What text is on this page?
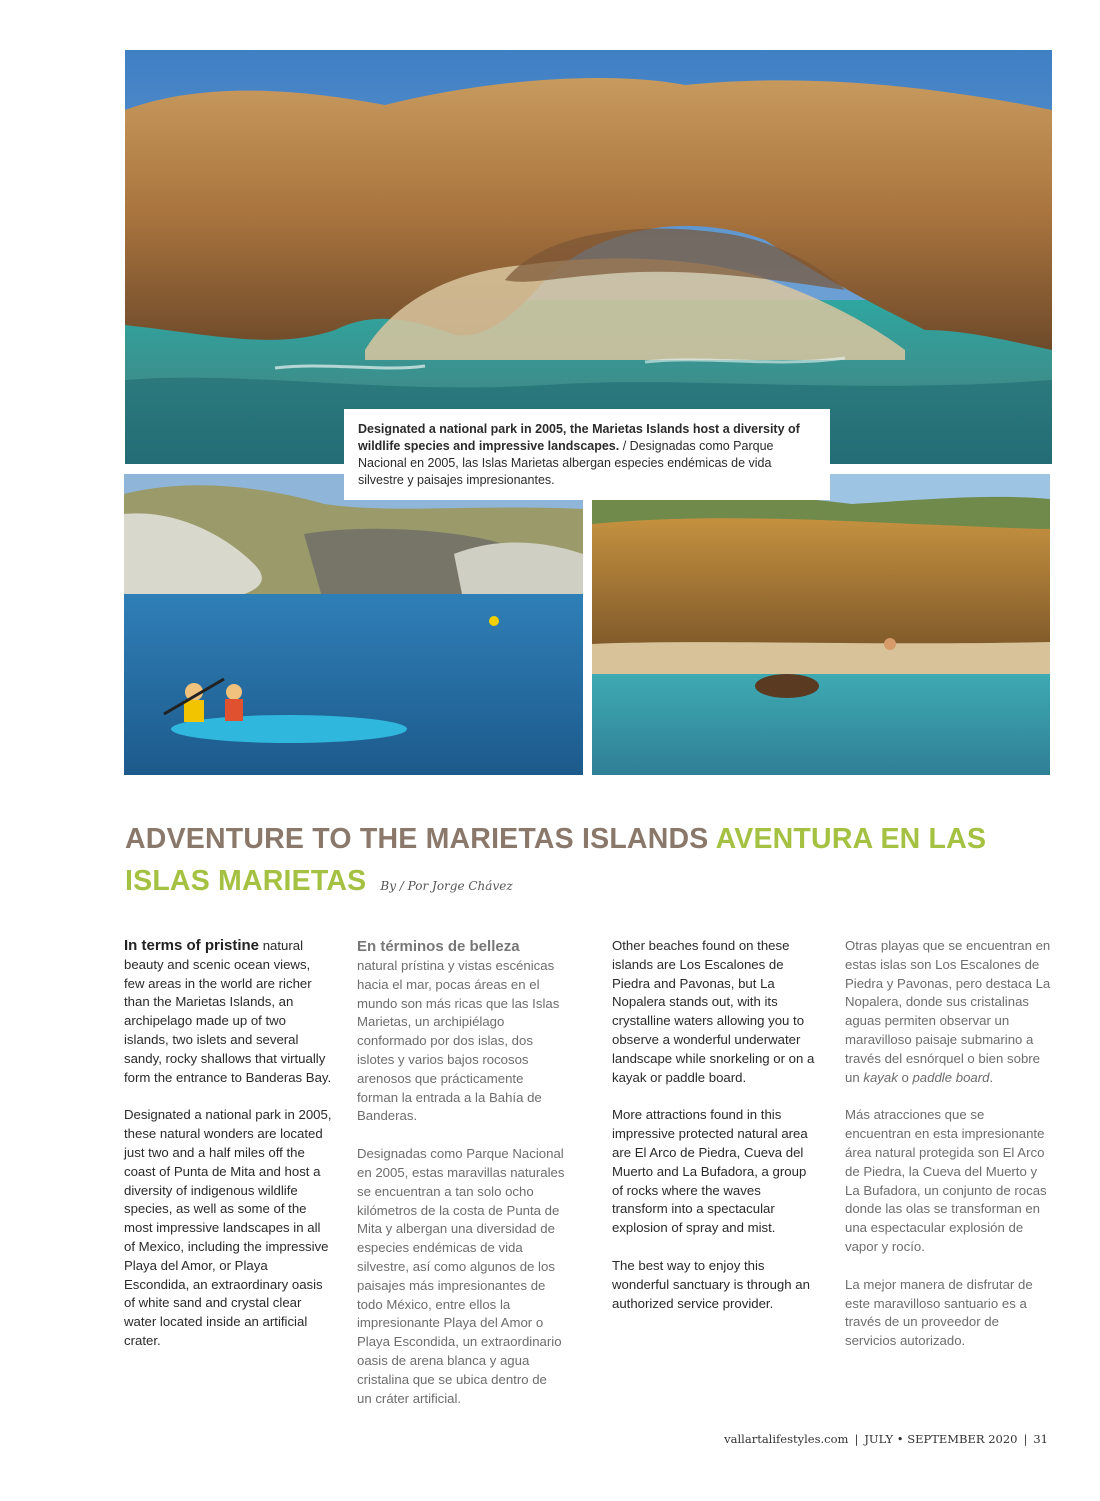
Designated a national park in 2005, the Marietas Islands host a diversity of wildlife species and impressive landscapes. / Designadas como Parque Nacional en 2005, las Islas Marietas albergan especies endémicas de vida silvestre y paisajes impresionantes.
ADVENTURE TO THE MARIETAS ISLANDS AVENTURA EN LAS ISLAS MARIETAS By / Por Jorge Chávez

In terms of pristine natural beauty and scenic ocean views, few areas in the world are richer than the Marietas Islands, an archipelago made up of two islands, two islets and several sandy, rocky shallows that virtually form the entrance to Banderas Bay.

Designated a national park in 2005, these natural wonders are located just two and a half miles off the coast of Punta de Mita and host a diversity of indigenous wildlife species, as well as some of the most impressive landscapes in all of Mexico, including the impressive Playa del Amor, or Playa Escondida, an extraordinary oasis of white sand and crystal clear water located inside an artificial crater.

En términos de belleza
natural prístina y vistas escénicas hacia el mar, pocas áreas en el mundo son más ricas que las Islas Marietas, un archipiélago conformado por dos islas, dos islotes y varios bajos rocosos arenosos que prácticamente forman la entrada a la Bahía de Banderas.

Designadas como Parque Nacional en 2005, estas maravillas naturales se encuentran a tan solo ocho kilómetros de la costa de Punta de Mita y albergan una diversidad de especies endémicas de vida silvestre, así como algunos de los paisajes más impresionantes de todo México, entre ellos la impresionante Playa del Amor o Playa Escondida, un extraordinario oasis de arena blanca y agua cristalina que se ubica dentro de un cráter artificial.

Other beaches found on these islands are Los Escalones de Piedra and Pavonas, but La Nopalera stands out, with its crystalline waters allowing you to observe a wonderful underwater landscape while snorkeling or on a kayak or paddle board.

More attractions found in this impressive protected natural area are El Arco de Piedra, Cueva del Muerto and La Bufadora, a group of rocks where the waves transform into a spectacular explosion of spray and mist.

The best way to enjoy this wonderful sanctuary is through an authorized service provider.

Otras playas que se encuentran en estas islas son Los Escalones de Piedra y Pavonas, pero destaca La Nopalera, donde sus cristalinas aguas permiten observar un maravilloso paisaje submarino a través del esnórquel o bien sobre un kayak o paddle board.

Más atracciones que se encuentran en esta impresionante área natural protegida son El Arco de Piedra, la Cueva del Muerto y La Bufadora, un conjunto de rocas donde las olas se transforman en una espectacular explosión de vapor y rocío.

La mejor manera de disfrutar de este maravilloso santuario es a través de un proveedor de servicios autorizado.

vallartalifestyles.com | JULY • SEPTEMBER 2020 | 31
